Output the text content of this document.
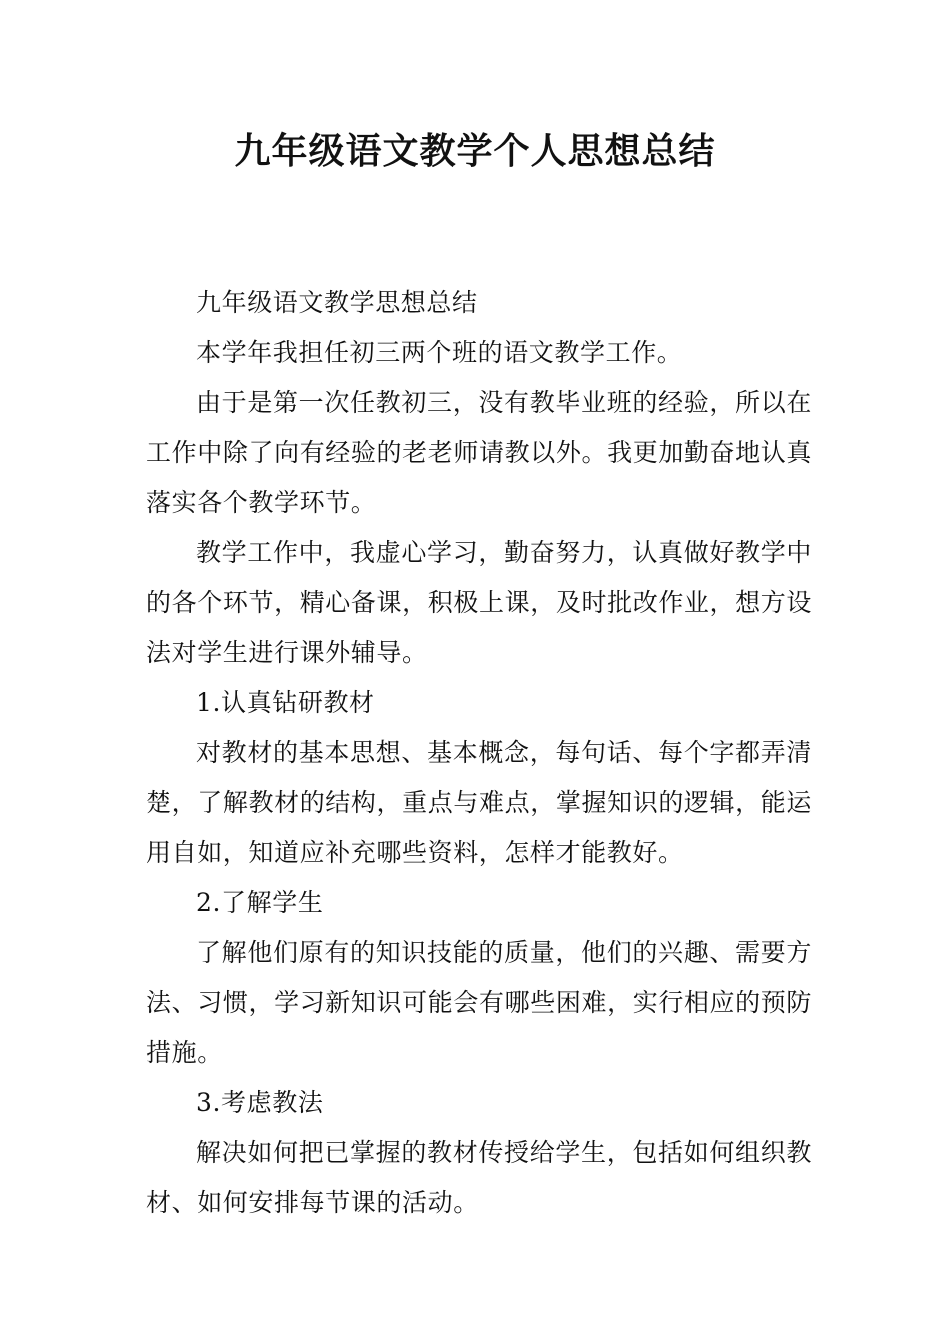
九年级语文教学个人思想总结

九年级语文教学思想总结

本学年我担任初三两个班的语文教学工作。

由于是第一次任教初三，没有教毕业班的经验，所以在工作中除了向有经验的老老师请教以外。我更加勤奋地认真落实各个教学环节。

教学工作中，我虚心学习，勤奋努力，认真做好教学中的各个环节，精心备课，积极上课，及时批改作业，想方设法对学生进行课外辅导。

1.认真钻研教材

对教材的基本思想、基本概念，每句话、每个字都弄清楚，了解教材的结构，重点与难点，掌握知识的逻辑，能运用自如，知道应补充哪些资料，怎样才能教好。

2.了解学生

了解他们原有的知识技能的质量，他们的兴趣、需要方法、习惯，学习新知识可能会有哪些困难，实行相应的预防措施。

3.考虑教法

解决如何把已掌握的教材传授给学生，包括如何组织教材、如何安排每节课的活动。
